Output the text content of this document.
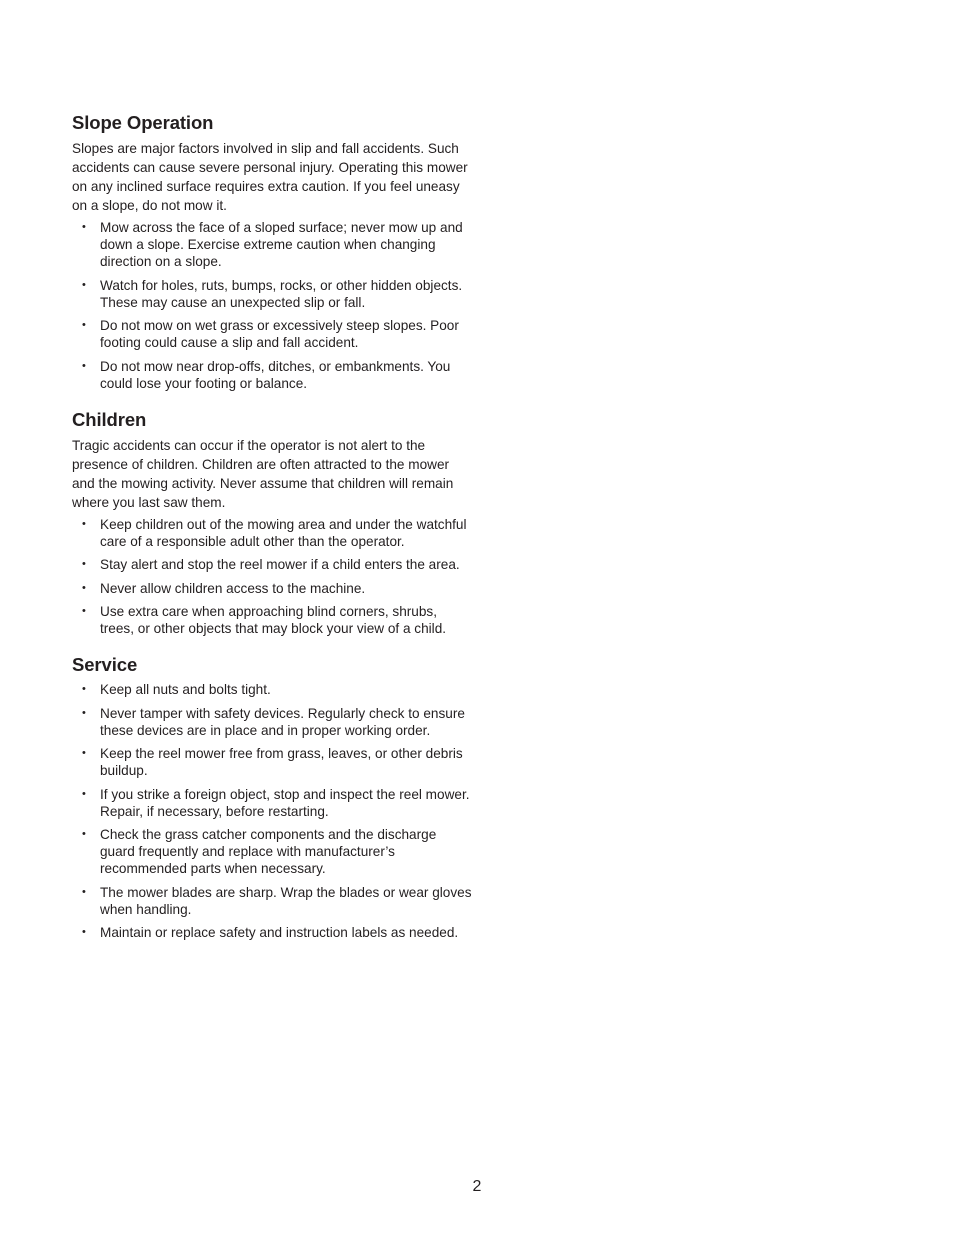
Slope Operation

Slopes are major factors involved in slip and fall accidents. Such accidents can cause severe personal injury. Operating this mower on any inclined surface requires extra caution. If you feel uneasy on a slope, do not mow it.

• Mow across the face of a sloped surface; never mow up and down a slope. Exercise extreme caution when changing direction on a slope.
• Watch for holes, ruts, bumps, rocks, or other hidden objects. These may cause an unexpected slip or fall.
• Do not mow on wet grass or excessively steep slopes. Poor footing could cause a slip and fall accident.
• Do not mow near drop-offs, ditches, or embankments. You could lose your footing or balance.
Children

Tragic accidents can occur if the operator is not alert to the presence of children. Children are often attracted to the mower and the mowing activity. Never assume that children will remain where you last saw them.

• Keep children out of the mowing area and under the watchful care of a responsible adult other than the operator.
• Stay alert and stop the reel mower if a child enters the area.
• Never allow children access to the machine.
• Use extra care when approaching blind corners, shrubs, trees, or other objects that may block your view of a child.
Service
• Keep all nuts and bolts tight.
• Never tamper with safety devices. Regularly check to ensure these devices are in place and in proper working order.
• Keep the reel mower free from grass, leaves, or other debris buildup.
• If you strike a foreign object, stop and inspect the reel mower. Repair, if necessary, before restarting.
• Check the grass catcher components and the discharge guard frequently and replace with manufacturer’s recommended parts when necessary.
• The mower blades are sharp. Wrap the blades or wear gloves when handling.
• Maintain or replace safety and instruction labels as needed.
2
